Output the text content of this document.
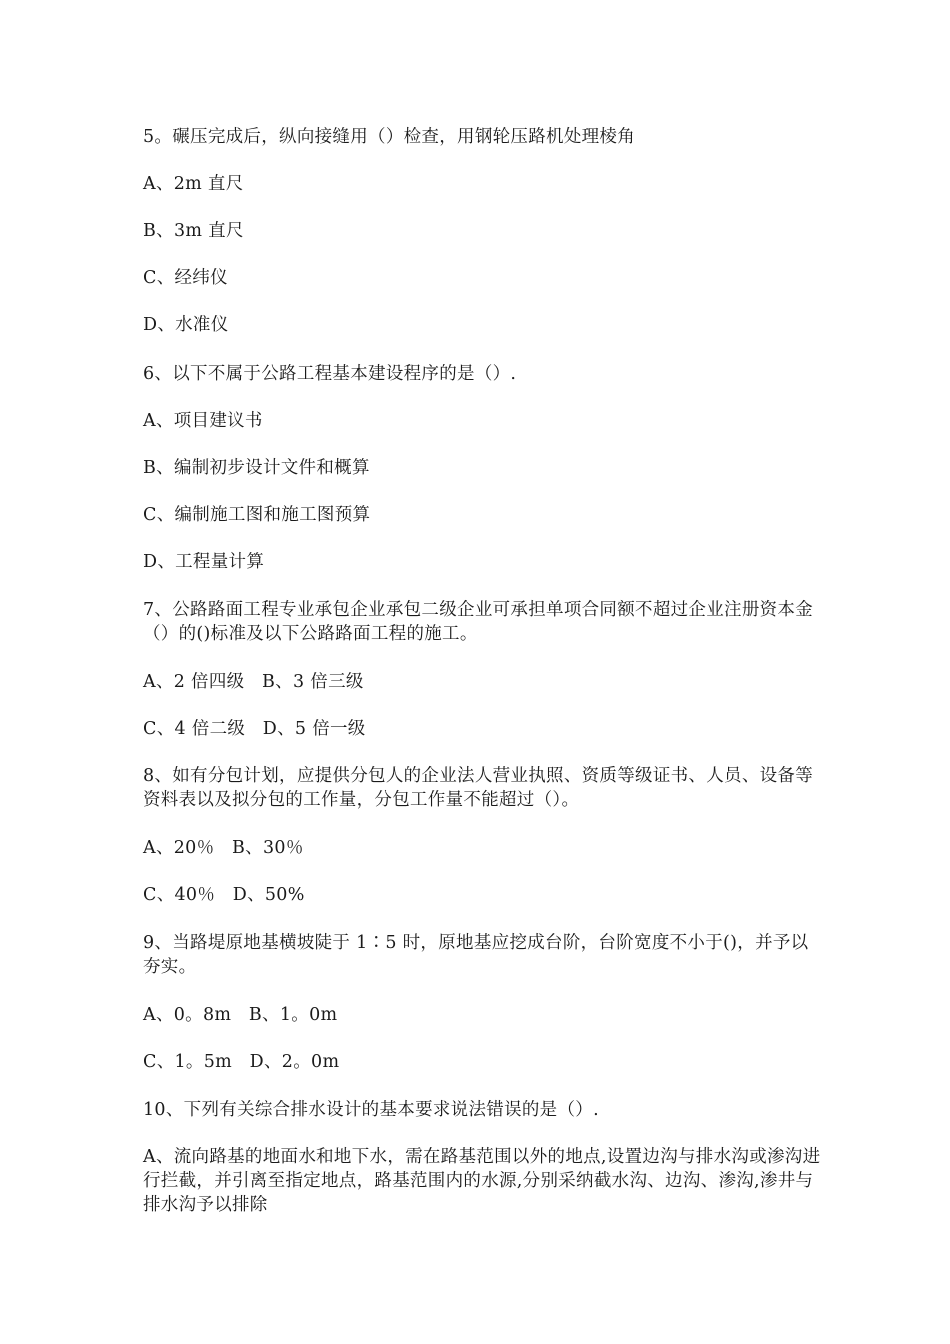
5。碾压完成后，纵向接缝用（）检查，用钢轮压路机处理棱角
A、2m 直尺
B、3m 直尺
C、经纬仪
D、水准仪
6、以下不属于公路工程基本建设程序的是（）.
A、项目建议书
B、编制初步设计文件和概算
C、编制施工图和施工图预算
D、工程量计算
7、公路路面工程专业承包企业承包二级企业可承担单项合同额不超过企业注册资本金（）的()标准及以下公路路面工程的施工。
A、2 倍四级   B、3 倍三级
C、4 倍二级   D、5 倍一级
8、如有分包计划，应提供分包人的企业法人营业执照、资质等级证书、人员、设备等资料表以及拟分包的工作量，分包工作量不能超过（）。
A、20％   B、30％
C、40％   D、50%
9、当路堤原地基横坡陡于 1∶5 时，原地基应挖成台阶，台阶宽度不小于()，并予以夯实。
A、0。8m   B、1。0m
C、1。5m   D、2。0m
10、下列有关综合排水设计的基本要求说法错误的是（）.
A、流向路基的地面水和地下水，需在路基范围以外的地点,设置边沟与排水沟或渗沟进行拦截，并引离至指定地点，路基范围内的水源,分别采纳截水沟、边沟、渗沟,渗井与排水沟予以排除
